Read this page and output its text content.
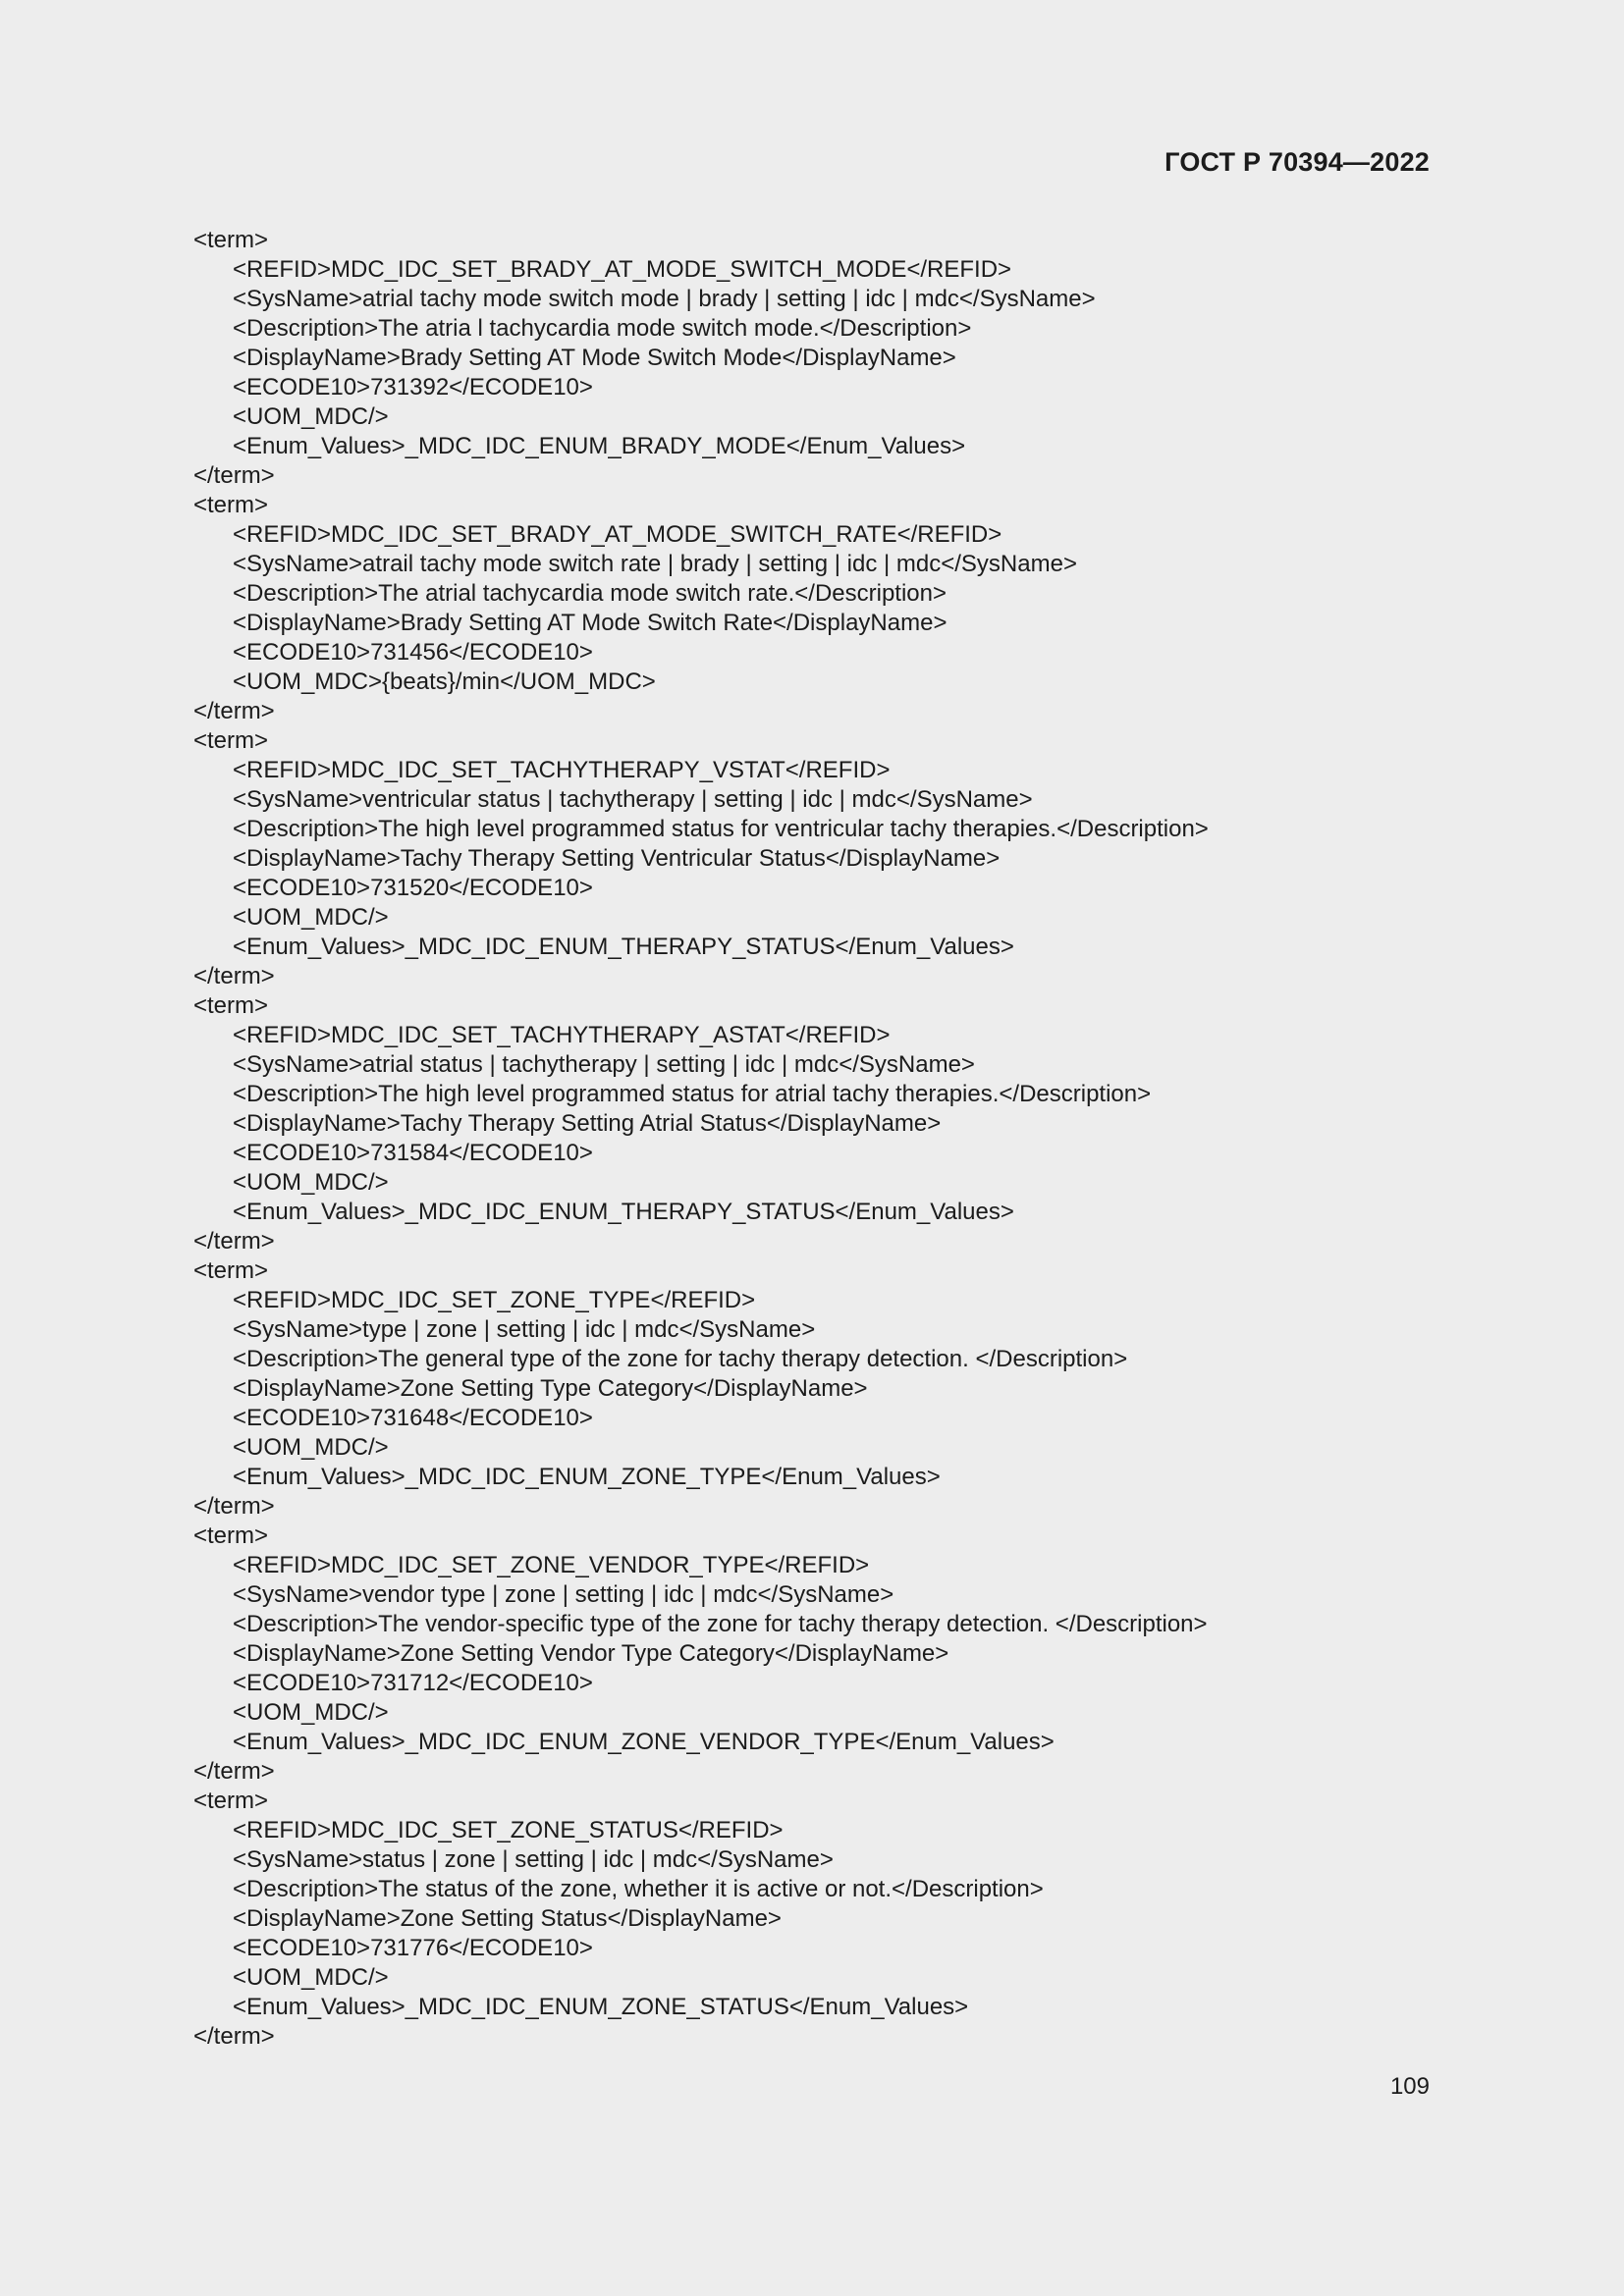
ГОСТ Р 70394—2022
<term>
<REFID>MDC_IDC_SET_BRADY_AT_MODE_SWITCH_MODE</REFID>
<SysName>atrial tachy mode switch mode | brady | setting | idc | mdc</SysName>
<Description>The atria l tachycardia mode switch mode.</Description>
<DisplayName>Brady Setting AT Mode Switch Mode</DisplayName>
<ECODE10>731392</ECODE10>
<UOM_MDC/>
<Enum_Values>_MDC_IDC_ENUM_BRADY_MODE</Enum_Values>
</term>
<term>
<REFID>MDC_IDC_SET_BRADY_AT_MODE_SWITCH_RATE</REFID>
<SysName>atrail tachy mode switch rate | brady | setting | idc | mdc</SysName>
<Description>The atrial tachycardia mode switch rate.</Description>
<DisplayName>Brady Setting AT Mode Switch Rate</DisplayName>
<ECODE10>731456</ECODE10>
<UOM_MDC>{beats}/min</UOM_MDC>
</term>
<term>
<REFID>MDC_IDC_SET_TACHYTHERAPY_VSTAT</REFID>
<SysName>ventricular status | tachytherapy | setting | idc | mdc</SysName>
<Description>The high level programmed status for ventricular tachy therapies.</Description>
<DisplayName>Tachy Therapy Setting Ventricular Status</DisplayName>
<ECODE10>731520</ECODE10>
<UOM_MDC/>
<Enum_Values>_MDC_IDC_ENUM_THERAPY_STATUS</Enum_Values>
</term>
<term>
<REFID>MDC_IDC_SET_TACHYTHERAPY_ASTAT</REFID>
<SysName>atrial status | tachytherapy | setting | idc | mdc</SysName>
<Description>The high level programmed status for atrial tachy therapies.</Description>
<DisplayName>Tachy Therapy Setting Atrial Status</DisplayName>
<ECODE10>731584</ECODE10>
<UOM_MDC/>
<Enum_Values>_MDC_IDC_ENUM_THERAPY_STATUS</Enum_Values>
</term>
<term>
<REFID>MDC_IDC_SET_ZONE_TYPE</REFID>
<SysName>type | zone | setting | idc | mdc</SysName>
<Description>The general type of the zone for tachy therapy detection. </Description>
<DisplayName>Zone Setting Type Category</DisplayName>
<ECODE10>731648</ECODE10>
<UOM_MDC/>
<Enum_Values>_MDC_IDC_ENUM_ZONE_TYPE</Enum_Values>
</term>
<term>
<REFID>MDC_IDC_SET_ZONE_VENDOR_TYPE</REFID>
<SysName>vendor type | zone | setting | idc | mdc</SysName>
<Description>The vendor-specific type of the zone for tachy therapy detection. </Description>
<DisplayName>Zone Setting Vendor Type Category</DisplayName>
<ECODE10>731712</ECODE10>
<UOM_MDC/>
<Enum_Values>_MDC_IDC_ENUM_ZONE_VENDOR_TYPE</Enum_Values>
</term>
<term>
<REFID>MDC_IDC_SET_ZONE_STATUS</REFID>
<SysName>status | zone | setting | idc | mdc</SysName>
<Description>The status of the zone, whether it is active or not.</Description>
<DisplayName>Zone Setting Status</DisplayName>
<ECODE10>731776</ECODE10>
<UOM_MDC/>
<Enum_Values>_MDC_IDC_ENUM_ZONE_STATUS</Enum_Values>
</term>
109
